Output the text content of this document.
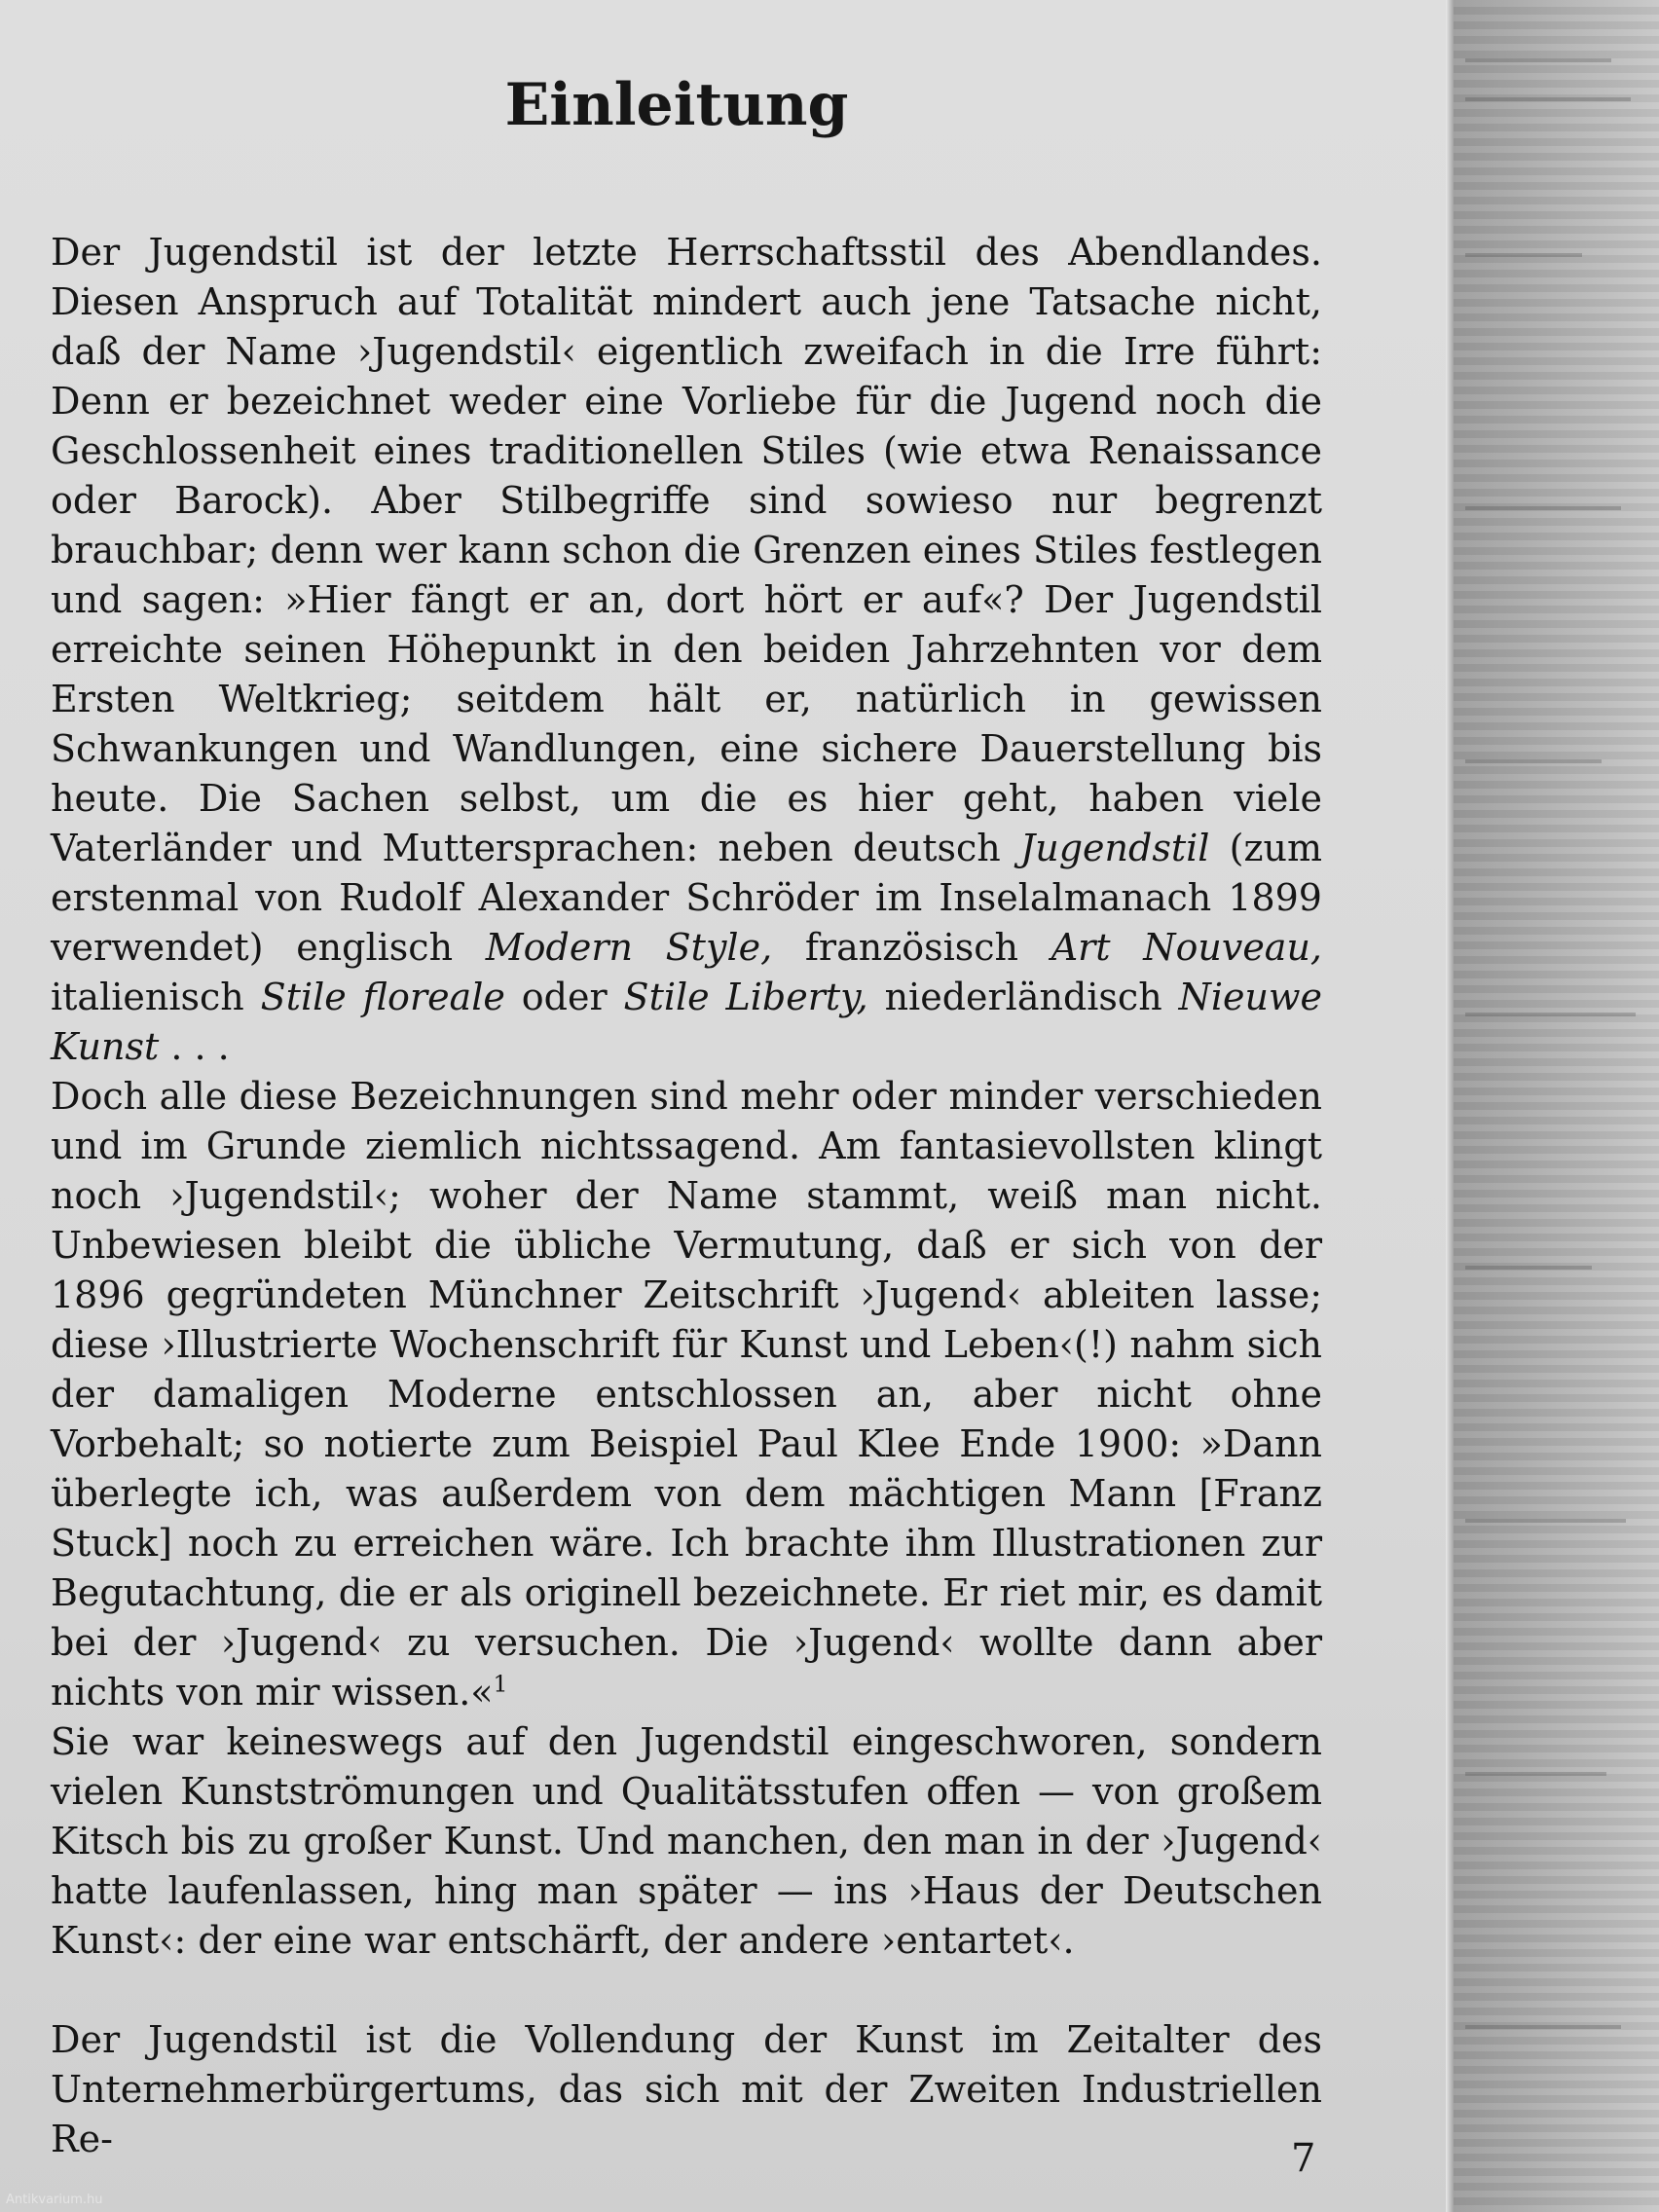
Einleitung

Der Jugendstil ist der letzte Herrschaftsstil des Abendlandes. Diesen Anspruch auf Totalität mindert auch jene Tatsache nicht, daß der Name ›Jugendstil‹ eigentlich zweifach in die Irre führt: Denn er bezeichnet weder eine Vorliebe für die Jugend noch die Geschlossenheit eines traditionellen Stiles (wie etwa Renaissance oder Barock). Aber Stilbegriffe sind sowieso nur begrenzt brauchbar; denn wer kann schon die Grenzen eines Stiles festlegen und sagen: »Hier fängt er an, dort hört er auf«? Der Jugendstil erreichte seinen Höhepunkt in den beiden Jahrzehnten vor dem Ersten Weltkrieg; seitdem hält er, natürlich in gewissen Schwankungen und Wandlungen, eine sichere Dauerstellung bis heute. Die Sachen selbst, um die es hier geht, haben viele Vaterländer und Muttersprachen: neben deutsch Jugendstil (zum erstenmal von Rudolf Alexander Schröder im Inselalmanach 1899 verwendet) englisch Modern Style, französisch Art Nouveau, italienisch Stile floreale oder Stile Liberty, niederländisch Nieuwe Kunst . . .

Doch alle diese Bezeichnungen sind mehr oder minder verschieden und im Grunde ziemlich nichtssagend. Am fantasievollsten klingt noch ›Jugendstil‹; woher der Name stammt, weiß man nicht. Unbewiesen bleibt die übliche Vermutung, daß er sich von der 1896 gegründeten Münchner Zeitschrift ›Jugend‹ ableiten lasse; diese ›Illustrierte Wochenschrift für Kunst und Leben‹(!) nahm sich der damaligen Moderne entschlossen an, aber nicht ohne Vorbehalt; so notierte zum Beispiel Paul Klee Ende 1900: »Dann überlegte ich, was außerdem von dem mächtigen Mann [Franz Stuck] noch zu erreichen wäre. Ich brachte ihm Illustrationen zur Begutachtung, die er als originell bezeichnete. Er riet mir, es damit bei der ›Jugend‹ zu versuchen. Die ›Jugend‹ wollte dann aber nichts von mir wissen.«$^1$

Sie war keineswegs auf den Jugendstil eingeschworen, sondern vielen Kunstströmungen und Qualitätsstufen offen — von großem Kitsch bis zu großer Kunst. Und manchen, den man in der ›Jugend‹ hatte laufenlassen, hing man später — ins ›Haus der Deutschen Kunst‹: der eine war entschärft, der andere ›entartet‹.

Der Jugendstil ist die Vollendung der Kunst im Zeitalter des Unternehmerbürgertums, das sich mit der Zweiten Industriellen Re-	7
Antikvarium.hu
